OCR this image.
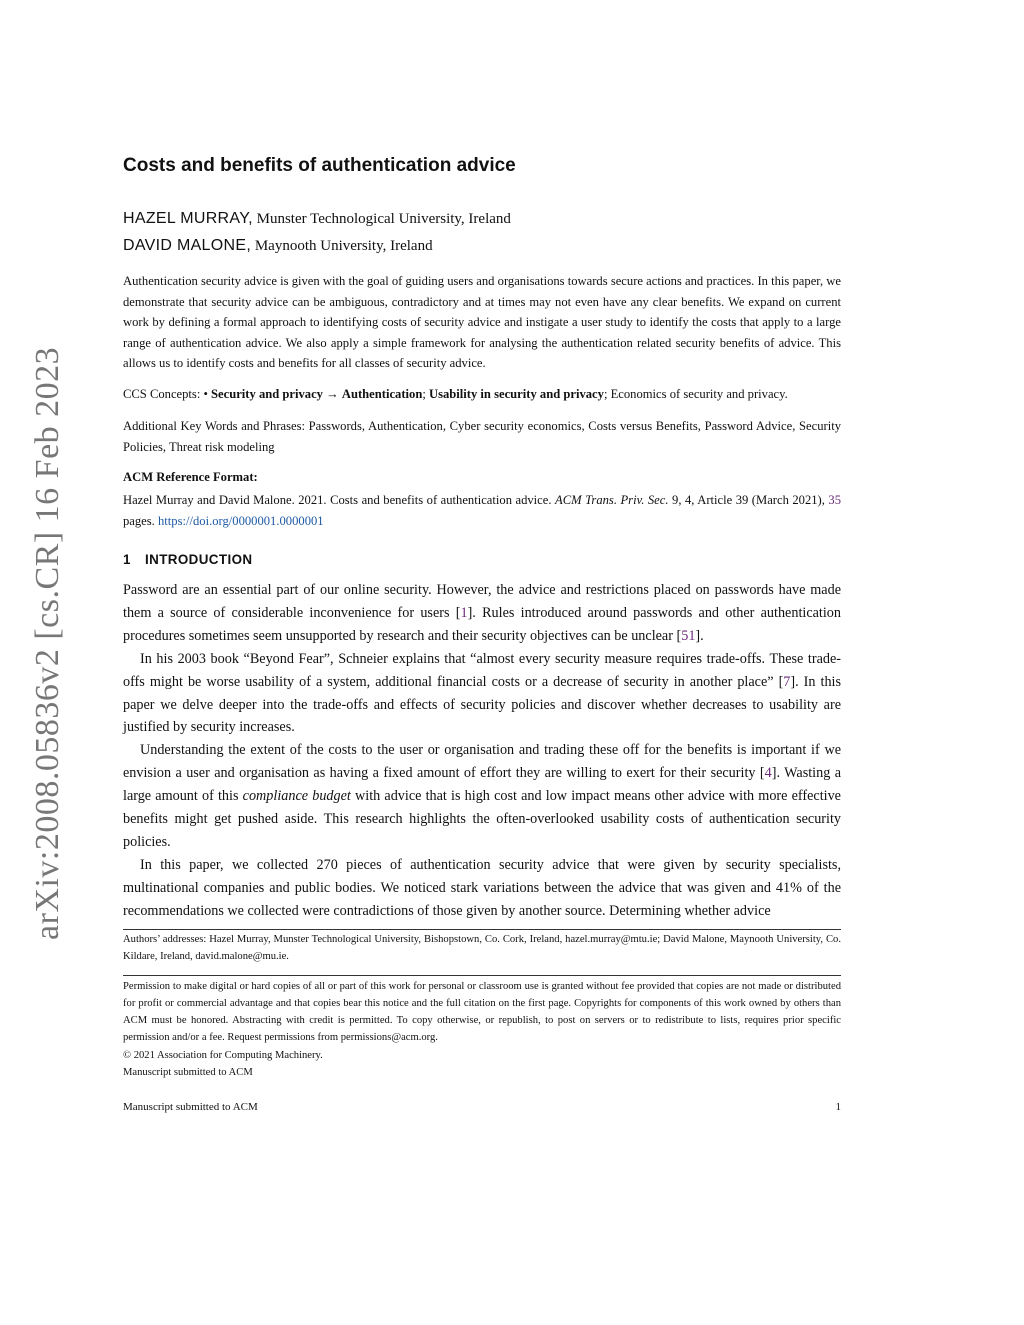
arXiv:2008.05836v2 [cs.CR] 16 Feb 2023
Costs and benefits of authentication advice
HAZEL MURRAY, Munster Technological University, Ireland
DAVID MALONE, Maynooth University, Ireland
Authentication security advice is given with the goal of guiding users and organisations towards secure actions and practices. In this paper, we demonstrate that security advice can be ambiguous, contradictory and at times may not even have any clear benefits. We expand on current work by defining a formal approach to identifying costs of security advice and instigate a user study to identify the costs that apply to a large range of authentication advice. We also apply a simple framework for analysing the authentication related security benefits of advice. This allows us to identify costs and benefits for all classes of security advice.
CCS Concepts: • Security and privacy → Authentication; Usability in security and privacy; Economics of security and privacy.
Additional Key Words and Phrases: Passwords, Authentication, Cyber security economics, Costs versus Benefits, Password Advice, Security Policies, Threat risk modeling
ACM Reference Format:
Hazel Murray and David Malone. 2021. Costs and benefits of authentication advice. ACM Trans. Priv. Sec. 9, 4, Article 39 (March 2021), 35 pages. https://doi.org/0000001.0000001
1 INTRODUCTION

Password are an essential part of our online security. However, the advice and restrictions placed on passwords have made them a source of considerable inconvenience for users [1]. Rules introduced around passwords and other authentication procedures sometimes seem unsupported by research and their security objectives can be unclear [51].

In his 2003 book “Beyond Fear”, Schneier explains that “almost every security measure requires trade-offs. These trade-offs might be worse usability of a system, additional financial costs or a decrease of security in another place” [7]. In this paper we delve deeper into the trade-offs and effects of security policies and discover whether decreases to usability are justified by security increases.

Understanding the extent of the costs to the user or organisation and trading these off for the benefits is important if we envision a user and organisation as having a fixed amount of effort they are willing to exert for their security [4]. Wasting a large amount of this compliance budget with advice that is high cost and low impact means other advice with more effective benefits might get pushed aside. This research highlights the often-overlooked usability costs of authentication security policies.

In this paper, we collected 270 pieces of authentication security advice that were given by security specialists, multinational companies and public bodies. We noticed stark variations between the advice that was given and 41% of the recommendations we collected were contradictions of those given by another source. Determining whether advice

Authors’ addresses: Hazel Murray, Munster Technological University, Bishopstown, Co. Cork, Ireland, hazel.murray@mtu.ie; David Malone, Maynooth University, Co. Kildare, Ireland, david.malone@mu.ie.
Permission to make digital or hard copies of all or part of this work for personal or classroom use is granted without fee provided that copies are not made or distributed for profit or commercial advantage and that copies bear this notice and the full citation on the first page. Copyrights for components of this work owned by others than ACM must be honored. Abstracting with credit is permitted. To copy otherwise, or republish, to post on servers or to redistribute to lists, requires prior specific permission and/or a fee. Request permissions from permissions@acm.org.
© 2021 Association for Computing Machinery.
Manuscript submitted to ACM
Manuscript submitted to ACM	1
